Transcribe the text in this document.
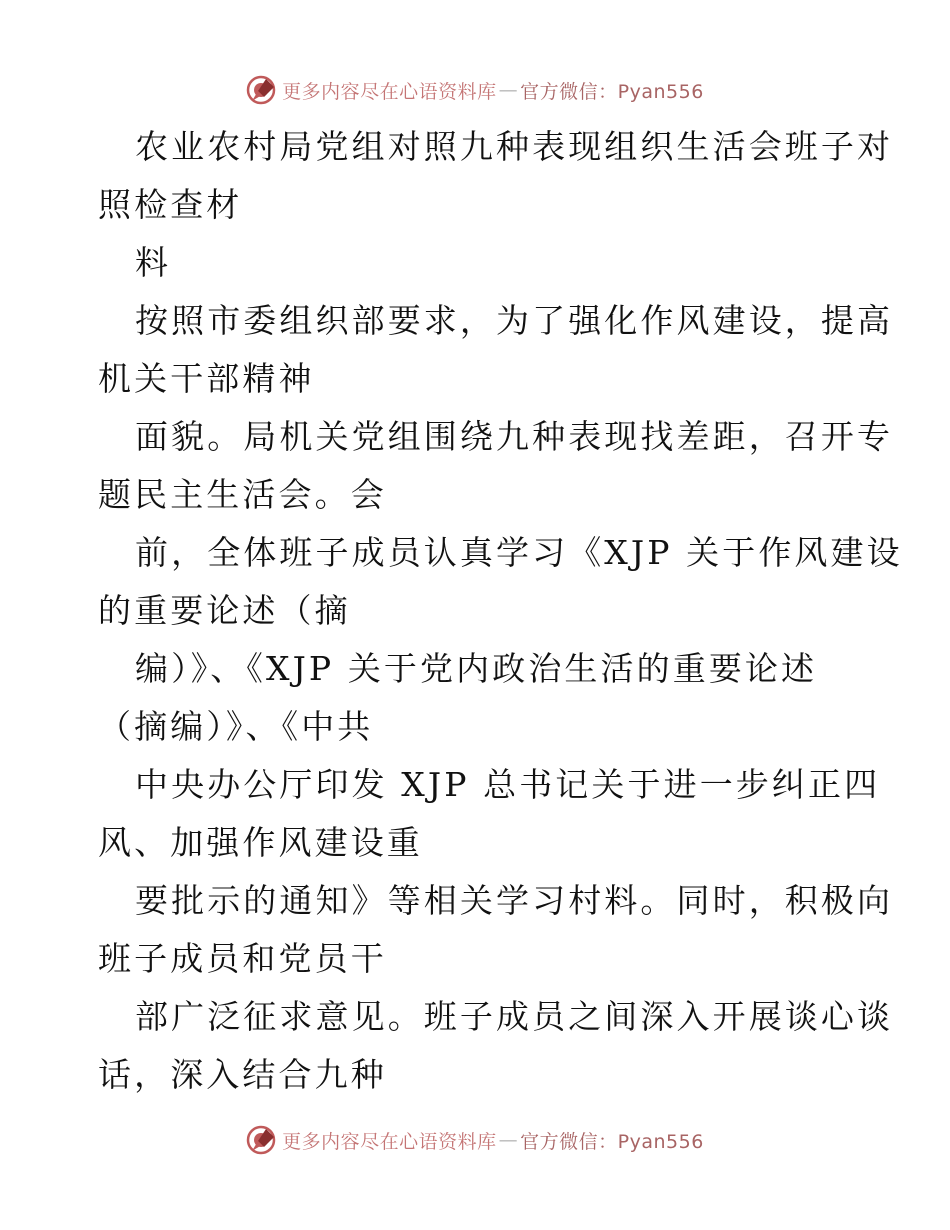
更多内容尽在心语资料库 — 官方微信：Pyan556
农业农村局党组对照九种表现组织生活会班子对
照检查材
料
按照市委组织部要求，为了强化作风建设，提高
机关干部精神
面貌。局机关党组围绕九种表现找差距，召开专
题民主生活会。会
前，全体班子成员认真学习《XJP 关于作风建设
的重要论述（摘
编）》、《XJP 关于党内政治生活的重要论述
（摘编）》、《中共
中央办公厅印发 XJP 总书记关于进一步纠正四
风、加强作风建设重
要批示的通知》等相关学习村料。同时，积极向
班子成员和党员干
部广泛征求意见。班子成员之间深入开展谈心谈
话，深入结合九种
更多内容尽在心语资料库 — 官方微信：Pyan556
